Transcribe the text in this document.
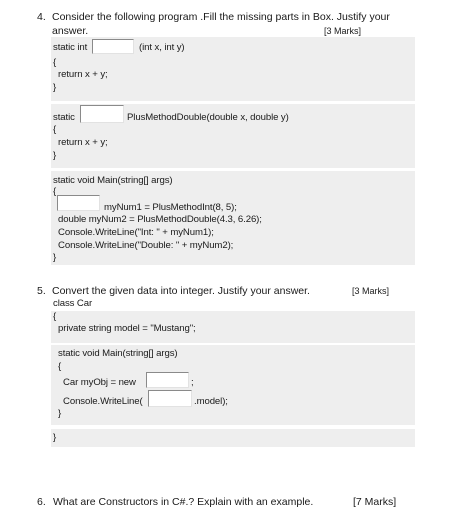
4. Consider the following program .Fill the missing parts in Box. Justify your
answer.	[3 Marks]
static int	(int x, int y)
{
return x + y;
}
static	PlusMethodDouble(double x, double y)
{
return x + y;
}
static void Main(string[] args)
{
myNum1 = PlusMethodInt(8, 5);
double myNum2 = PlusMethodDouble(4.3, 6.26);
Console.WriteLine("Int: " + myNum1);
Console.WriteLine("Double: " + myNum2);
}
5. Convert the given data into integer. Justify your answer.	[3 Marks]
class Car
{
private string model = "Mustang";
static void Main(string[] args)
{
Car myObj = new	;
Console.WriteLine(	.model);
}
}
6. What are Constructors in C#.? Explain with an example.	[7 Marks]
